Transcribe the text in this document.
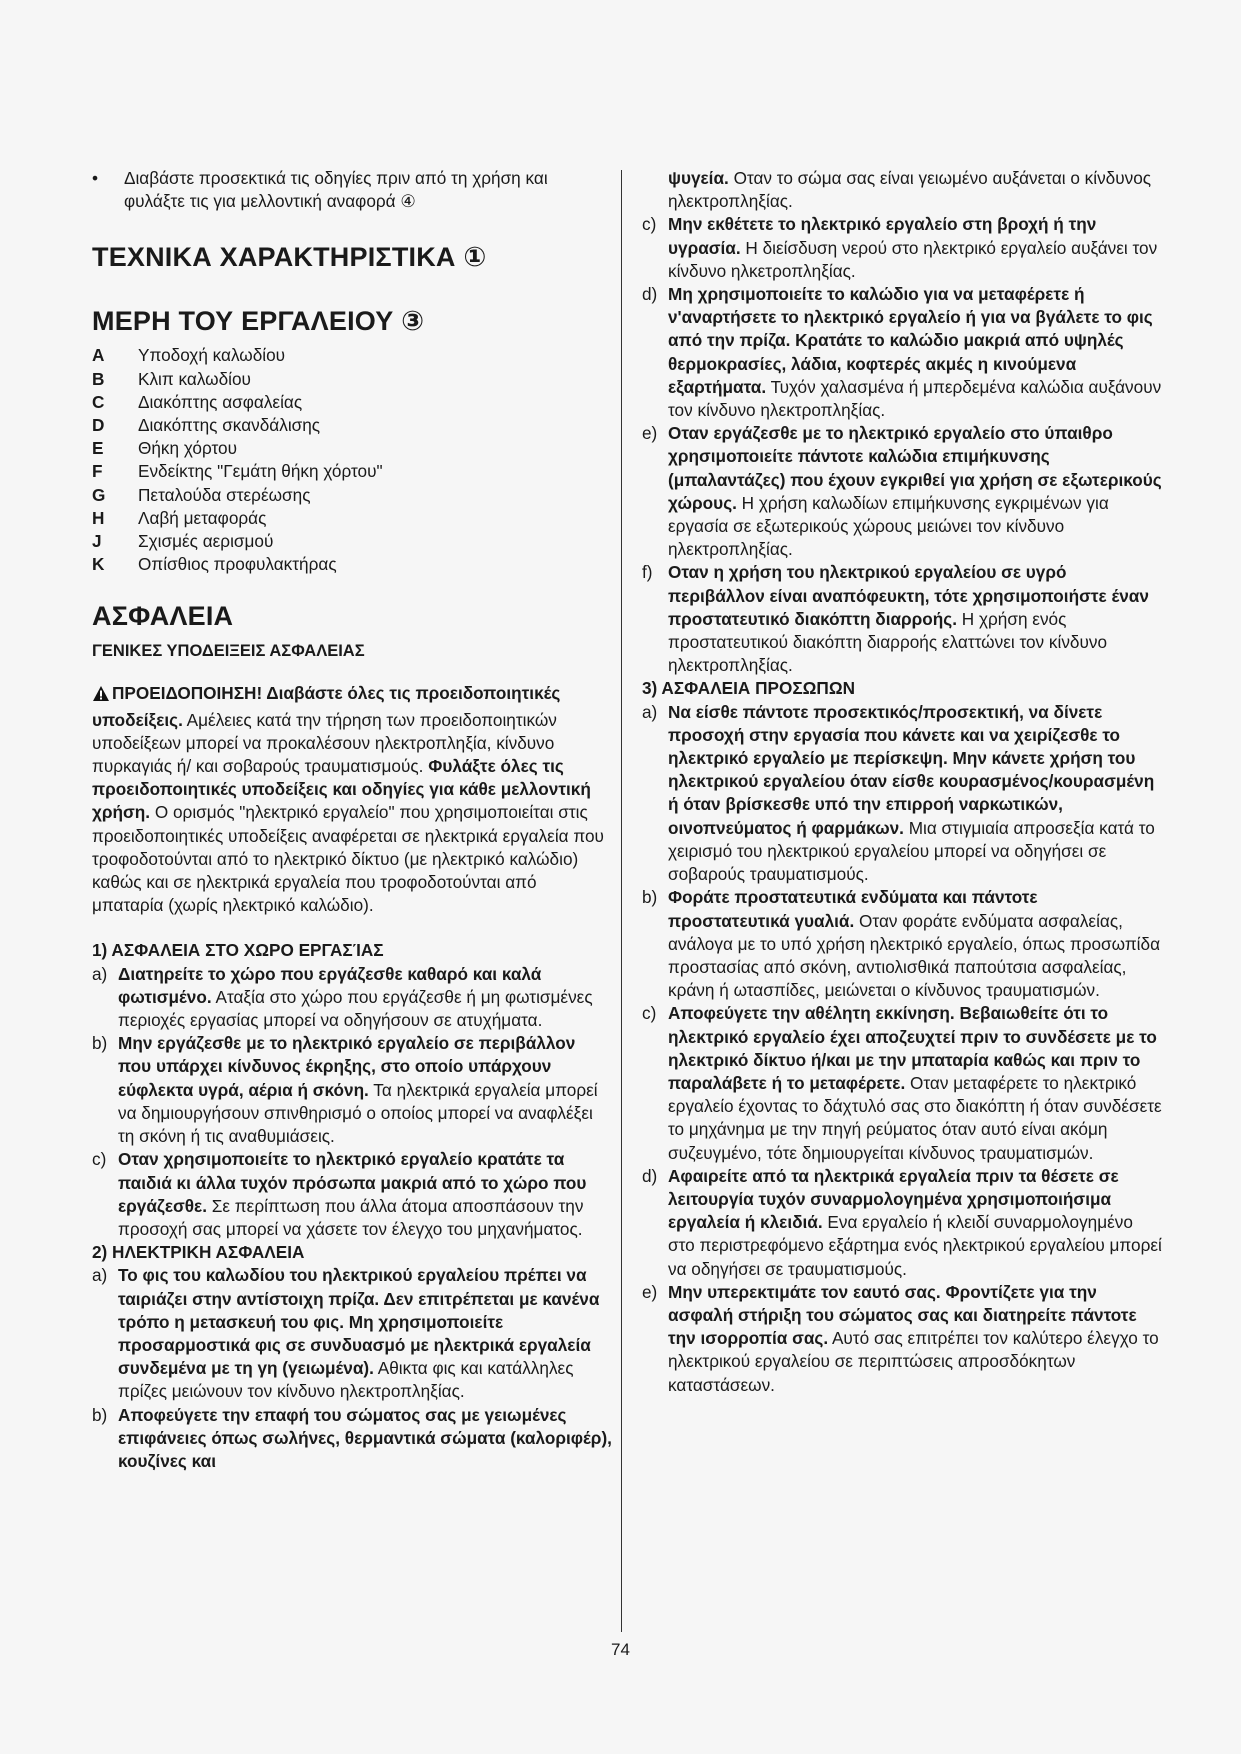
•	Διαβάστε προσεκτικά τις οδηγίες πριν από τη χρήση και φυλάξτε τις για μελλοντική αναφορά ④
ΤΕΧΝΙΚΑ ΧΑΡΑΚΤΗΡΙΣΤΙΚΑ ①
ΜΕΡΗ ΤΟΥ ΕΡΓΑΛΕΙΟΥ ③
A	Υποδοχή καλωδίου
B	Κλιπ καλωδίου
C	Διακόπτης ασφαλείας
D	Διακόπτης σκανδάλισης
E	Θήκη χόρτου
F	Ενδείκτης "Γεμάτη θήκη χόρτου"
G	Πεταλούδα στερέωσης
H	Λαβή μεταφοράς
J	Σχισμές αερισμού
K	Οπίσθιος προφυλακτήρας
ΑΣΦΑΛΕΙΑ
ΓΕΝΙΚΕΣ ΥΠΟΔΕΙΞΕΙΣ ΑΣΦΑΛΕΙΑΣ
ΠΡΟΕΙΔΟΠΟΙΗΣΗ! Διαβάστε όλες τις προειδοποιητικές υποδείξεις. Αμέλειες κατά την τήρηση των προειδοποιητικών υποδείξεων μπορεί να προκαλέσουν ηλεκτροπληξία, κίνδυνο πυρκαγιάς ή/ και σοβαρούς τραυματισμούς. Φυλάξτε όλες τις προειδοποιητικές υποδείξεις και οδηγίες για κάθε μελλοντική χρήση. Ο ορισμός "ηλεκτρικό εργαλείο" που χρησιμοποιείται στις προειδοποιητικές υποδείξεις αναφέρεται σε ηλεκτρικά εργαλεία που τροφοδοτούνται από το ηλεκτρικό δίκτυο (με ηλεκτρικό καλώδιο) καθώς και σε ηλεκτρικά εργαλεία που τροφοδοτούνται από μπαταρία (χωρίς ηλεκτρικό καλώδιο).
1) ΑΣΦΑΛΕΙΑ ΣΤΟ ΧΩΡΟ ΕΡΓΑΣΊΑΣ
a) Διατηρείτε το χώρο που εργάζεσθε καθαρό και καλά φωτισμένο. Αταξία στο χώρο που εργάζεσθε ή μη φωτισμένες περιοχές εργασίας μπορεί να οδηγήσουν σε ατυχήματα.
b) Μην εργάζεσθε με το ηλεκτρικό εργαλείο σε περιβάλλον που υπάρχει κίνδυνος έκρηξης, στο οποίο υπάρχουν εύφλεκτα υγρά, αέρια ή σκόνη. Τα ηλεκτρικά εργαλεία μπορεί να δημιουργήσουν σπινθηρισμό ο οποίος μπορεί να αναφλέξει τη σκόνη ή τις αναθυμιάσεις.
c) Οταν χρησιμοποιείτε το ηλεκτρικό εργαλείο κρατάτε τα παιδιά κι άλλα τυχόν πρόσωπα μακριά από το χώρο που εργάζεσθε. Σε περίπτωση που άλλα άτομα αποσπάσουν την προσοχή σας μπορεί να χάσετε τον έλεγχο του μηχανήματος.
2) ΗΛΕΚΤΡΙΚΗ ΑΣΦΑΛΕΙΑ
a) Το φις του καλωδίου του ηλεκτρικού εργαλείου πρέπει να ταιριάζει στην αντίστοιχη πρίζα. Δεν επιτρέπεται με κανένα τρόπο η μετασκευή του φις. Μη χρησιμοποιείτε προσαρμοστικά φις σε συνδυασμό με ηλεκτρικά εργαλεία συνδεμένα με τη γη (γειωμένα). Αθικτα φις και κατάλληλες πρίζες μειώνουν τον κίνδυνο ηλεκτροπληξίας.
b) Αποφεύγετε την επαφή του σώματος σας με γειωμένες επιφάνειες όπως σωλήνες, θερμαντικά σώματα (καλοριφέρ), κουζίνες και
ψυγεία. Οταν το σώμα σας είναι γειωμένο αυξάνεται ο κίνδυνος ηλεκτροπληξίας.
c) Μην εκθέτετε το ηλεκτρικό εργαλείο στη βροχή ή την υγρασία. Η διείσδυση νερού στο ηλεκτρικό εργαλείο αυξάνει τον κίνδυνο ηλκετροπληξίας.
d) Μη χρησιμοποιείτε το καλώδιο για να μεταφέρετε ή ν'αναρτήσετε το ηλεκτρικό εργαλείο ή για να βγάλετε το φις από την πρίζα. Κρατάτε το καλώδιο μακριά από υψηλές θερμοκρασίες, λάδια, κοφτερές ακμές η κινούμενα εξαρτήματα. Τυχόν χαλασμένα ή μπερδεμένα καλώδια αυξάνουν τον κίνδυνο ηλεκτροπληξίας.
e) Οταν εργάζεσθε με το ηλεκτρικό εργαλείο στο ύπαιθρο χρησιμοποιείτε πάντοτε καλώδια επιμήκυνσης (μπαλαντάζες) που έχουν εγκριθεί για χρήση σε εξωτερικούς χώρους. Η χρήση καλωδίων επιμήκυνσης εγκριμένων για εργασία σε εξωτερικούς χώρους μειώνει τον κίνδυνο ηλεκτροπληξίας.
f) Οταν η χρήση του ηλεκτρικού εργαλείου σε υγρό περιβάλλον είναι αναπόφευκτη, τότε χρησιμοποιήστε έναν προστατευτικό διακόπτη διαρροής. Η χρήση ενός προστατευτικού διακόπτη διαρροής ελαττώνει τον κίνδυνο ηλεκτροπληξίας.
3) ΑΣΦΑΛΕΙΑ ΠΡΟΣΩΠΩΝ
a) Να είσθε πάντοτε προσεκτικός/προσεκτική, να δίνετε προσοχή στην εργασία που κάνετε και να χειρίζεσθε το ηλεκτρικό εργαλείο με περίσκεψη. Μην κάνετε χρήση του ηλεκτρικού εργαλείου όταν είσθε κουρασμένος/κουρασμένη ή όταν βρίσκεσθε υπό την επιρροή ναρκωτικών, οινοπνεύματος ή φαρμάκων. Μια στιγμιαία απροσεξία κατά το χειρισμό του ηλεκτρικού εργαλείου μπορεί να οδηγήσει σε σοβαρούς τραυματισμούς.
b) Φοράτε προστατευτικά ενδύματα και πάντοτε προστατευτικά γυαλιά. Οταν φοράτε ενδύματα ασφαλείας, ανάλογα με το υπό χρήση ηλεκτρικό εργαλείο, όπως προσωπίδα προστασίας από σκόνη, αντιολισθικά παπούτσια ασφαλείας, κράνη ή ωτασπίδες, μειώνεται ο κίνδυνος τραυματισμών.
c) Αποφεύγετε την αθέλητη εκκίνηση. Βεβαιωθείτε ότι το ηλεκτρικό εργαλείο έχει αποζευχτεί πριν το συνδέσετε με το ηλεκτρικό δίκτυο ή/και με την μπαταρία καθώς και πριν το παραλάβετε ή το μεταφέρετε. Οταν μεταφέρετε το ηλεκτρικό εργαλείο έχοντας το δάχτυλό σας στο διακόπτη ή όταν συνδέσετε το μηχάνημα με την πηγή ρεύματος όταν αυτό είναι ακόμη συζευγμένο, τότε δημιουργείται κίνδυνος τραυματισμών.
d) Αφαιρείτε από τα ηλεκτρικά εργαλεία πριν τα θέσετε σε λειτουργία τυχόν συναρμολογημένα χρησιμοποιήσιμα εργαλεία ή κλειδιά. Ενα εργαλείο ή κλειδί συναρμολογημένο στο περιστρεφόμενο εξάρτημα ενός ηλεκτρικού εργαλείου μπορεί να οδηγήσει σε τραυματισμούς.
e) Μην υπερεκτιμάτε τον εαυτό σας. Φροντίζετε για την ασφαλή στήριξη του σώματος σας και διατηρείτε πάντοτε την ισορροπία σας. Αυτό σας επιτρέπει τον καλύτερο έλεγχο το ηλεκτρικού εργαλείου σε περιπτώσεις απροσδόκητων καταστάσεων.
74
